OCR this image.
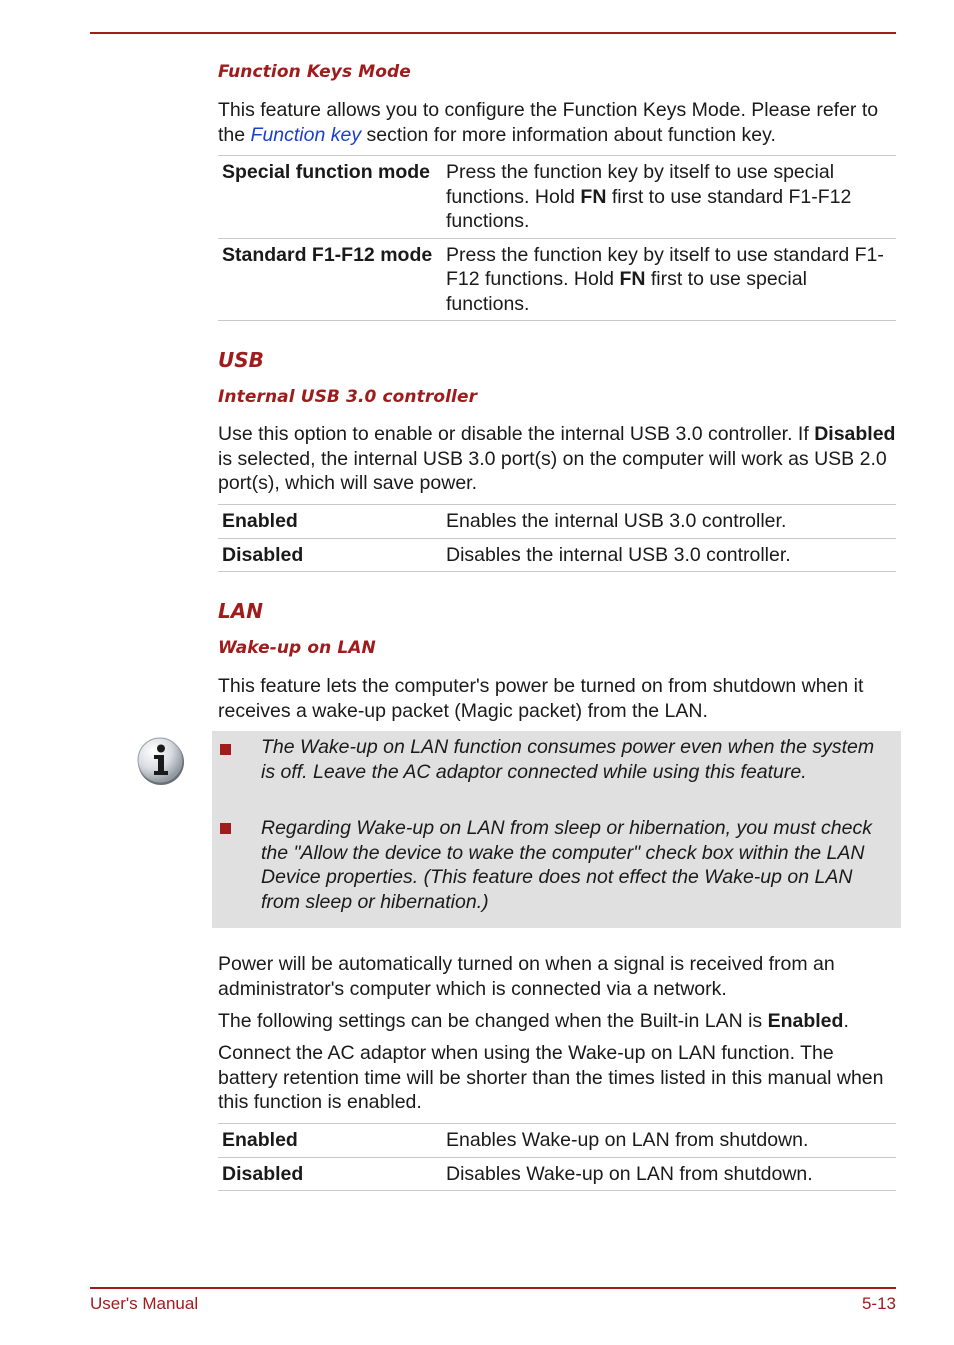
Function Keys Mode
This feature allows you to configure the Function Keys Mode. Please refer to the Function key section for more information about function key.
Special function mode	Press the function key by itself to use special functions. Hold FN first to use standard F1-F12 functions.
Standard F1-F12 mode	Press the function key by itself to use standard F1-F12 functions. Hold FN first to use special functions.
USB
Internal USB 3.0 controller
Use this option to enable or disable the internal USB 3.0 controller. If Disabled is selected, the internal USB 3.0 port(s) on the computer will work as USB 2.0 port(s), which will save power.
Enabled	Enables the internal USB 3.0 controller.
Disabled	Disables the internal USB 3.0 controller.
LAN
Wake-up on LAN
This feature lets the computer's power be turned on from shutdown when it receives a wake-up packet (Magic packet) from the LAN.
Power will be automatically turned on when a signal is received from an administrator's computer which is connected via a network.
The following settings can be changed when the Built-in LAN is Enabled.
Connect the AC adaptor when using the Wake-up on LAN function. The battery retention time will be shorter than the times listed in this manual when this function is enabled.
Enabled	Enables Wake-up on LAN from shutdown.
Disabled	Disables Wake-up on LAN from shutdown.
The Wake-up on LAN function consumes power even when the system is off. Leave the AC adaptor connected while using this feature.
Regarding Wake-up on LAN from sleep or hibernation, you must check the "Allow the device to wake the computer" check box within the LAN Device properties. (This feature does not effect the Wake-up on LAN from sleep or hibernation.)
User's Manual	5-13
